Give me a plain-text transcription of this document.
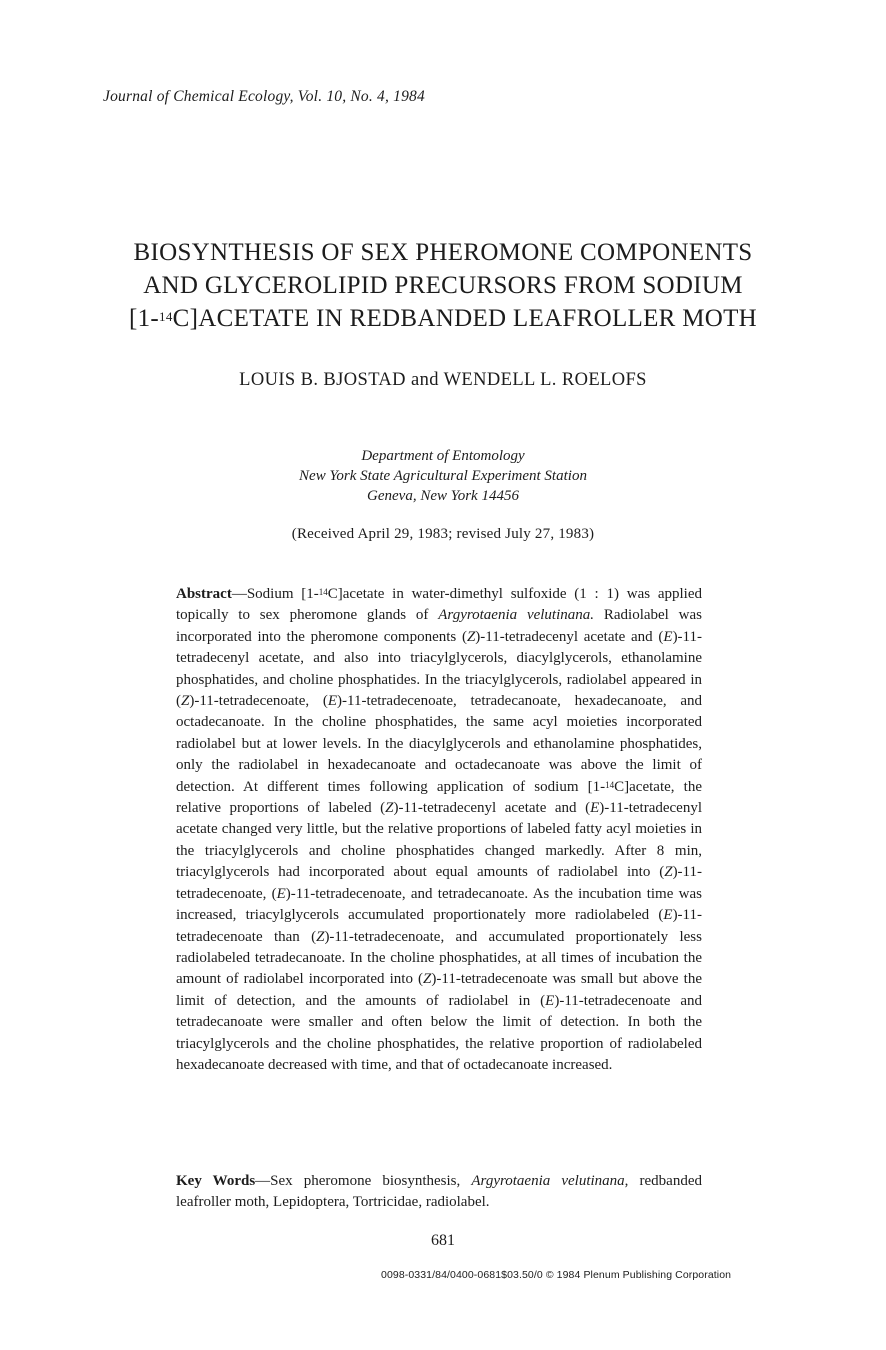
Journal of Chemical Ecology, Vol. 10, No. 4, 1984
BIOSYNTHESIS OF SEX PHEROMONE COMPONENTS
AND GLYCEROLIPID PRECURSORS FROM SODIUM
[1-$^{14}$C]ACETATE IN REDBANDED LEAFROLLER MOTH
LOUIS B. BJOSTAD and WENDELL L. ROELOFS
Department of Entomology
New York State Agricultural Experiment Station
Geneva, New York 14456
(Received April 29, 1983; revised July 27, 1983)

Abstract—Sodium [1-$^{14}$C]acetate in water-dimethyl sulfoxide (1 : 1) was applied topically to sex pheromone glands of Argyrotaenia velutinana. Radiolabel was incorporated into the pheromone components (Z)-11-tetradecenyl acetate and (E)-11-tetradecenyl acetate, and also into triacylglycerols, diacylglycerols, ethanolamine phosphatides, and choline phosphatides. In the triacylglycerols, radiolabel appeared in (Z)-11-tetradecenoate, (E)-11-tetradecenoate, tetradecanoate, hexadecanoate, and octadecanoate. In the choline phosphatides, the same acyl moieties incorporated radiolabel but at lower levels. In the diacylglycerols and ethanolamine phosphatides, only the radiolabel in hexadecanoate and octadecanoate was above the limit of detection. At different times following application of sodium [1-$^{14}$C]acetate, the relative proportions of labeled (Z)-11-tetradecenyl acetate and (E)-11-tetradecenyl acetate changed very little, but the relative proportions of labeled fatty acyl moieties in the triacylglycerols and choline phosphatides changed markedly. After 8 min, triacylglycerols had incorporated about equal amounts of radiolabel into (Z)-11-tetradecenoate, (E)-11-tetradecenoate, and tetradecanoate. As the incubation time was increased, triacylglycerols accumulated proportionately more radiolabeled (E)-11-tetradecenoate than (Z)-11-tetradecenoate, and accumulated proportionately less radiolabeled tetradecanoate. In the choline phosphatides, at all times of incubation the amount of radiolabel incorporated into (Z)-11-tetradecenoate was small but above the limit of detection, and the amounts of radiolabel in (E)-11-tetradecenoate and tetradecanoate were smaller and often below the limit of detection. In both the triacylglycerols and the choline phosphatides, the relative proportion of radiolabeled hexadecanoate decreased with time, and that of octadecanoate increased.

Key Words—Sex pheromone biosynthesis, Argyrotaenia velutinana, redbanded leafroller moth, Lepidoptera, Tortricidae, radiolabel.

681
0098-0331/84/0400-0681$03.50/0 © 1984 Plenum Publishing Corporation
